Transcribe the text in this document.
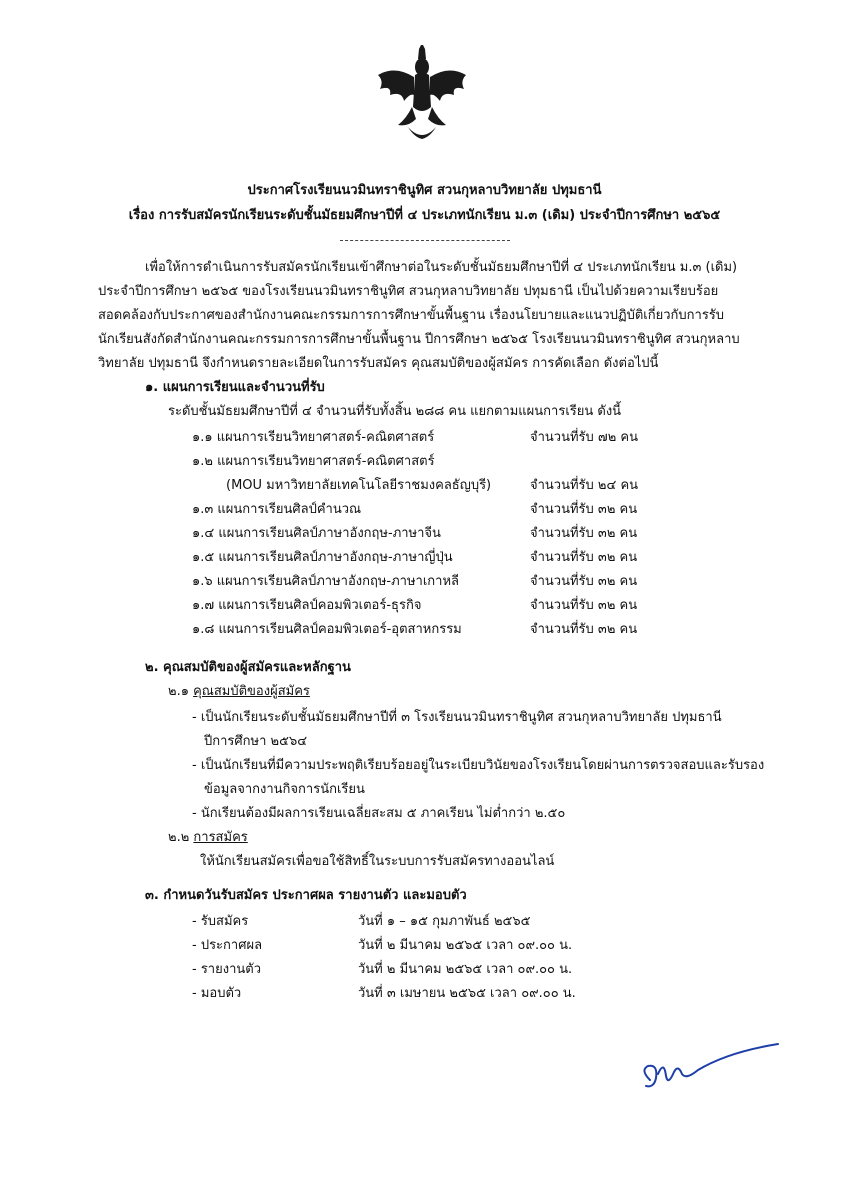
ประกาศโรงเรียนนวมินทราชินูทิศ สวนกุหลาบวิทยาลัย ปทุมธานี
เรื่อง การรับสมัครนักเรียนระดับชั้นมัธยมศึกษาปีที่ ๔ ประเภทนักเรียน ม.๓ (เดิม) ประจำปีการศึกษา ๒๕๖๕
เพื่อให้การดำเนินการรับสมัครนักเรียนเข้าศึกษาต่อในระดับชั้นมัธยมศึกษาปีที่ ๔ ประเภทนักเรียน ม.๓ (เดิม)
ประจำปีการศึกษา ๒๕๖๕ ของโรงเรียนนวมินทราชินูทิศ สวนกุหลาบวิทยาลัย ปทุมธานี เป็นไปด้วยความเรียบร้อย
สอดคล้องกับประกาศของสำนักงานคณะกรรมการการศึกษาขั้นพื้นฐาน เรื่องนโยบายและแนวปฏิบัติเกี่ยวกับการรับ
นักเรียนสังกัดสำนักงานคณะกรรมการการศึกษาขั้นพื้นฐาน ปีการศึกษา ๒๕๖๕ โรงเรียนนวมินทราชินูทิศ สวนกุหลาบ
วิทยาลัย ปทุมธานี จึงกำหนดรายละเอียดในการรับสมัคร คุณสมบัติของผู้สมัคร การคัดเลือก ดังต่อไปนี้
๑. แผนการเรียนและจำนวนที่รับ
ระดับชั้นมัธยมศึกษาปีที่ ๔ จำนวนที่รับทั้งสิ้น ๒๘๘ คน แยกตามแผนการเรียน ดังนี้
๑.๑ แผนการเรียนวิทยาศาสตร์-คณิตศาสตร์	จำนวนที่รับ ๗๒ คน
๑.๒ แผนการเรียนวิทยาศาสตร์-คณิตศาสตร์
(MOU มหาวิทยาลัยเทคโนโลยีราชมงคลธัญบุรี)	จำนวนที่รับ ๒๔ คน
๑.๓ แผนการเรียนศิลป์คำนวณ	จำนวนที่รับ ๓๒ คน
๑.๔ แผนการเรียนศิลป์ภาษาอังกฤษ-ภาษาจีน	จำนวนที่รับ ๓๒ คน
๑.๕ แผนการเรียนศิลป์ภาษาอังกฤษ-ภาษาญี่ปุ่น	จำนวนที่รับ ๓๒ คน
๑.๖ แผนการเรียนศิลป์ภาษาอังกฤษ-ภาษาเกาหลี	จำนวนที่รับ ๓๒ คน
๑.๗ แผนการเรียนศิลป์คอมพิวเตอร์-ธุรกิจ	จำนวนที่รับ ๓๒ คน
๑.๘ แผนการเรียนศิลป์คอมพิวเตอร์-อุตสาหกรรม	จำนวนที่รับ ๓๒ คน
๒. คุณสมบัติของผู้สมัครและหลักฐาน
๒.๑ คุณสมบัติของผู้สมัคร
- เป็นนักเรียนระดับชั้นมัธยมศึกษาปีที่ ๓ โรงเรียนนวมินทราชินูทิศ สวนกุหลาบวิทยาลัย ปทุมธานี
ปีการศึกษา ๒๕๖๔
- เป็นนักเรียนที่มีความประพฤติเรียบร้อยอยู่ในระเบียบวินัยของโรงเรียนโดยผ่านการตรวจสอบและรับรอง
ข้อมูลจากงานกิจการนักเรียน
- นักเรียนต้องมีผลการเรียนเฉลี่ยสะสม ๕ ภาคเรียน ไม่ต่ำกว่า ๒.๕๐
๒.๒ การสมัคร
ให้นักเรียนสมัครเพื่อขอใช้สิทธิ์ในระบบการรับสมัครทางออนไลน์
๓. กำหนดวันรับสมัคร ประกาศผล รายงานตัว และมอบตัว
- รับสมัคร	วันที่ ๑ – ๑๕ กุมภาพันธ์ ๒๕๖๕
- ประกาศผล	วันที่ ๒ มีนาคม ๒๕๖๕ เวลา ๐๙.๐๐ น.
- รายงานตัว	วันที่ ๒ มีนาคม ๒๕๖๕ เวลา ๐๙.๐๐ น.
- มอบตัว	วันที่ ๓ เมษายน ๒๕๖๕ เวลา ๐๙.๐๐ น.
